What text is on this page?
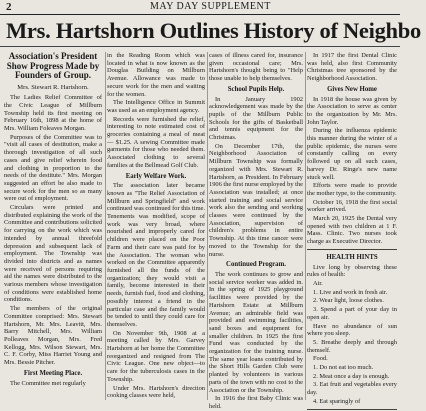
2	MAY DAY SUPPLEMENT
Mrs. Hartshorn Outlines History of Neighbo
Association's President Show Progress Made by Founders of Group.
Mrs. Stewart R. Hartshorn.

The Ladies Relief Committee of the Civic League of Millburn Township held its first meeting on February 16th, 1898 at the home of Mrs. William Foleaves Morgan.

Purposes of the Committee was to "visit all cases of destitution, make a thorough investigation of all such cases and give relief wherein food and clothing in proportion to the needs of the destitute." Mrs. Morgan suggested an effort be also made to secure work for the men so as many were out of employment.

Circulars were printed and distributed explaining the work of the Committee and contributions solicited for carrying on the work which was intended by annual threefold depression and subsequent lack of employment. The Township was divided into districts and as names were received of persons requiring aid the names were distributed to the various members whose investigation of conditions were established home conditions.

The members of the original Committee comprised: Mrs. Stewart Hartshorn, Mr. Mrs. Leavitt, Mrs. Barry Mitchell, Mrs. William Polleaves Morgan, Mrs. Fred Kellogg, Mrs. Wilson Stewart, Mrs. C. F. Corby, Miss Harriet Young and Mrs. Bessie Pitcher.

First Meeting Place.

The Committee met regularly

in the Reading Room which was located in what is now known as the Douglas Building on Millburn Avenue. Allowance was made to secure work for the men and waiting for the women.

The Intelligence Office in Summit was used as an employment agency.

Records were furnished the relief, interesting to note estimated cost of groceries containing a meal of meat — $1.25. A sewing Committee made garments for those who needed them. Associated clothing to several families at the Bellmead Golf Club.

Early Welfare Work.

The association later became known as "The Relief Association of Millburn and Springfield" and work continued was continued for this time. Tenements was modified, scope of work was very broad, where nourished and improperly cared for children were placed on the Poor Farm and their care was paid for by the Association. The woman who worked on the Committee apparently furnished all the funds of the organization; they would visit a family, become interested in their needs, furnish fuel, food and clothing, possibly interest a friend in the particular case and the family would be tended to until they could care for themselves.

On November 9th, 1908 at a meeting called by Mrs. Garvey Hartshorn at her home the Committee reorganized and resigned from The Civic League. One new object—to care for the tuberculosis cases in the Township.

Under Mrs. Hartshorn's direction cooking classes were held,

cases of illness cared for, insurance given occasional care; Mrs. Hartshorn's thought being to "Help those unable to help themselves.

School Pupils Help.

In January 1902 acknowledgement was made by the pupils of the Millburn Public Schools for the gifts of Basketball and tennis equipment for the Christmas.

On December 17th, the Neighborhood Association of Millburn Township was formally organized with Mrs. Stewart R. Hartshorn, as President. In February 1906 the first nurse employed by the Association was installed; at once started training and social service work also the sending and working classes were continued by the Association, supervision of children's problems in entire Township. At this time cancer were moved to the Township for the nurse.

Continued Program.

The work continues to grow and social service worker was added in. In the spring of 1925 playground facilities were provided by the Hartshorn Estate at Millburn Avenue; an admirable field was provided and swimming facilities, sand boxes and equipment for smaller children. In 1925 the first Fund was conducted by the organization for the training nurse. The same year loans contributed by the Short Hills Garden Club were planted by volunteers in various parts of the town with no cost to the Association or the Township.

In 1916 the first Baby Clinic was held.

In 1917 the first Dental Clinic was held, also first Community Christmas tree sponsored by the Neighborhood Association.

Gives New Home

In 1918 the house was given by the Association to serve as center to the organization by Mr. Mrs. John Taylor.

During the influenza epidemic this manner during the winter of a public epidemic, the nurses were constantly calling on every followed up on all such cases, harvey Dr. Ringe's new name stuck well.

Efforts were made to provide the mother type, to the community.

October 16, 1918 the first social worker arrived.

March 20, 1925 the Dental very opened with two children at 1 F. Mass. Clinic. Two nurses took charge as Executive Director.

HEALTH HINTS

Live long by observing these rules of health:

Air.

1. Live and work in fresh air.

2. Wear light, loose clothes.

3. Spend a part of your day in open air.

Have no abundance of sun where you sleep.

5. Breathe deeply and through themself.

Food.

1. Do not eat too much.

2. Meat once a day is enough.

3. Eat fruit and vegetables every day.

4. Eat sparingly of
